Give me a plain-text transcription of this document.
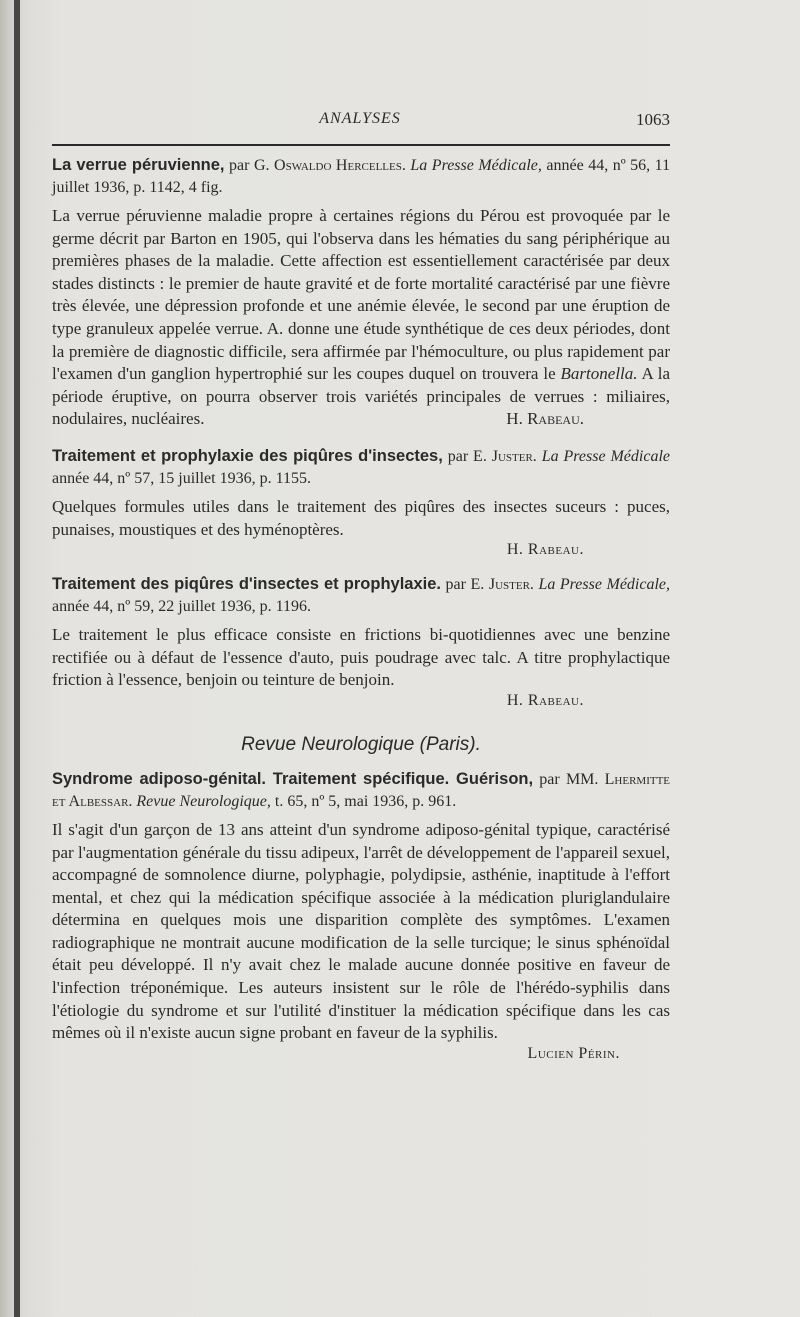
ANALYSES	1063
La verrue péruvienne, par G. Oswaldo Hercelles. La Presse Médicale, année 44, nº 56, 11 juillet 1936, p. 1142, 4 fig.
La verrue péruvienne maladie propre à certaines régions du Pérou est provoquée par le germe décrit par Barton en 1905, qui l'observa dans les hématies du sang périphérique au premières phases de la maladie. Cette affection est essentiellement caractérisée par deux stades distincts : le premier de haute gravité et de forte mortalité caractérisé par une fièvre très élevée, une dépression profonde et une anémie élevée, le second par une éruption de type granuleux appelée verrue. A. donne une étude synthétique de ces deux périodes, dont la première de diagnostic difficile, sera affirmée par l'hémoculture, ou plus rapidement par l'examen d'un ganglion hypertrophié sur les coupes duquel on trouvera le Bartonella. A la période éruptive, on pourra observer trois variétés principales de verrues : miliaires, nodulaires, nucléaires.	H. Rabeau.
Traitement et prophylaxie des piqûres d'insectes, par E. Juster. La Presse Médicale année 44, nº 57, 15 juillet 1936, p. 1155.
Quelques formules utiles dans le traitement des piqûres des insectes suceurs : puces, punaises, moustiques et des hyménoptères.
H. Rabeau.
Traitement des piqûres d'insectes et prophylaxie. par E. Juster. La Presse Médicale, année 44, nº 59, 22 juillet 1936, p. 1196.
Le traitement le plus efficace consiste en frictions bi-quotidiennes avec une benzine rectifiée ou à défaut de l'essence d'auto, puis poudrage avec talc. A titre prophylactique friction à l'essence, benjoin ou teinture de benjoin.
H. Rabeau.
Revue Neurologique (Paris).
Syndrome adiposo-génital. Traitement spécifique. Guérison, par MM. Lhermitte et Albessar. Revue Neurologique, t. 65, nº 5, mai 1936, p. 961.
Il s'agit d'un garçon de 13 ans atteint d'un syndrome adiposo-génital typique, caractérisé par l'augmentation générale du tissu adipeux, l'arrêt de développement de l'appareil sexuel, accompagné de somnolence diurne, polyphagie, polydipsie, asthénie, inaptitude à l'effort mental, et chez qui la médication spécifique associée à la médication pluriglandulaire détermina en quelques mois une disparition complète des symptômes. L'examen radiographique ne montrait aucune modification de la selle turcique; le sinus sphénoïdal était peu développé. Il n'y avait chez le malade aucune donnée positive en faveur de l'infection tréponémique. Les auteurs insistent sur le rôle de l'hérédo-syphilis dans l'étiologie du syndrome et sur l'utilité d'instituer la médication spécifique dans les cas mêmes où il n'existe aucun signe probant en faveur de la syphilis.
Lucien Périn.
